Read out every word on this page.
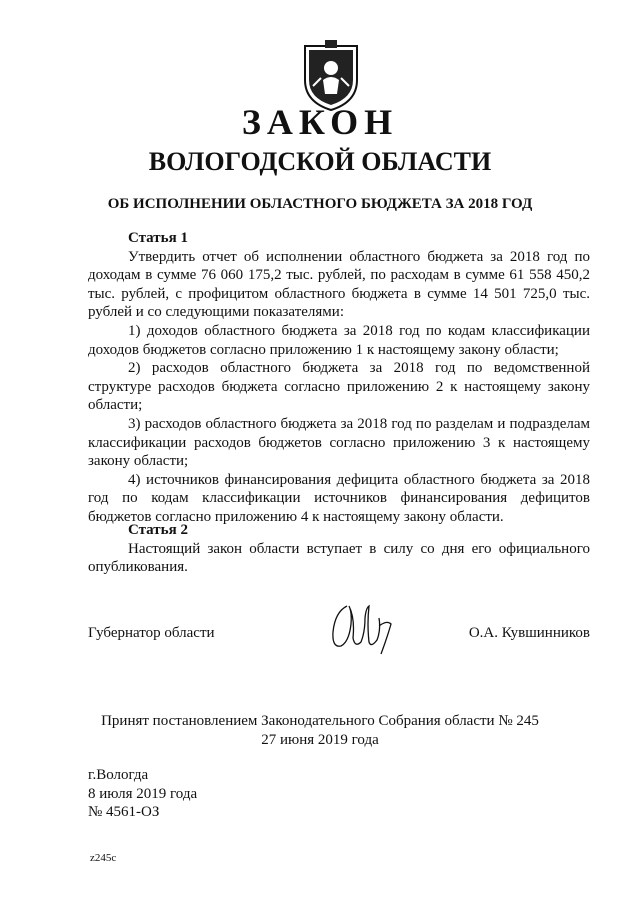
ЗАКОН
ВОЛОГОДСКОЙ ОБЛАСТИ
ОБ ИСПОЛНЕНИИ ОБЛАСТНОГО БЮДЖЕТА ЗА 2018 ГОД
Статья 1

Утвердить отчет об исполнении областного бюджета за 2018 год по доходам в сумме 76 060 175,2 тыс. рублей, по расходам в сумме 61 558 450,2 тыс. рублей, с профицитом областного бюджета в сумме 14 501 725,0 тыс. рублей и со следующими показателями:

1) доходов областного бюджета за 2018 год по кодам классификации доходов бюджетов согласно приложению 1 к настоящему закону области;

2) расходов областного бюджета за 2018 год по ведомственной структуре расходов бюджета согласно приложению 2 к настоящему закону области;

3) расходов областного бюджета за 2018 год по разделам и подразделам классификации расходов бюджетов согласно приложению 3 к настоящему закону области;

4) источников финансирования дефицита областного бюджета за 2018 год по кодам классификации источников финансирования дефицитов бюджетов согласно приложению 4 к настоящему закону области.

Статья 2

Настоящий закон области вступает в силу со дня его официального опубликования.

Губернатор области	О.А. Кувшинников
Принят постановлением Законодательного Собрания области № 245
27 июня 2019 года
г.Вологда
8 июля 2019 года
№ 4561-ОЗ
z245c
